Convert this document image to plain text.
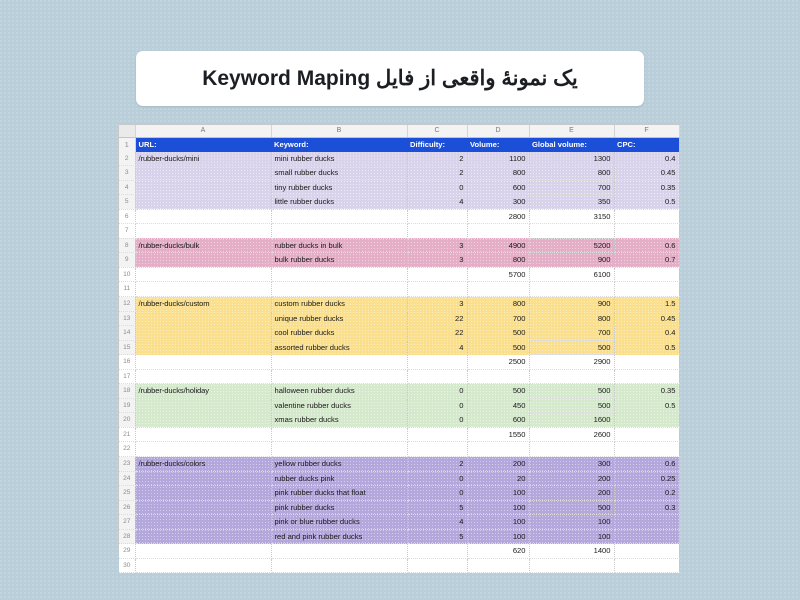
یک نمونهٔ واقعی از فایل Keyword Maping
	A	B	C	D	E	F
1	URL:	Keyword:	Difficulty:	Volume:	Global volume:	CPC:
2	/rubber-ducks/mini	mini rubber ducks	2	1100	1300	0.4
3		small rubber ducks	2	800	800	0.45
4		tiny rubber ducks	0	600	700	0.35
5		little rubber ducks	4	300	350	0.5
6				2800	3150	
7						
8	/rubber-ducks/bulk	rubber ducks in bulk	3	4900	5200	0.6
9		bulk rubber ducks	3	800	900	0.7
10				5700	6100	
11						
12	/rubber-ducks/custom	custom rubber ducks	3	800	900	1.5
13		unique rubber ducks	22	700	800	0.45
14		cool rubber ducks	22	500	700	0.4
15		assorted rubber ducks	4	500	500	0.5
16				2500	2900	
17						
18	/rubber-ducks/holiday	halloween rubber ducks	0	500	500	0.35
19		valentine rubber ducks	0	450	500	0.5
20		xmas rubber ducks	0	600	1600	
21				1550	2600	
22						
23	/rubber-ducks/colors	yellow rubber ducks	2	200	300	0.6
24		rubber ducks pink	0	20	200	0.25
25		pink rubber ducks that float	0	100	200	0.2
26		pink rubber ducks	5	100	500	0.3
27		pink or blue rubber ducks	4	100	100	
28		red and pink rubber ducks	5	100	100	
29				620	1400	
30						
